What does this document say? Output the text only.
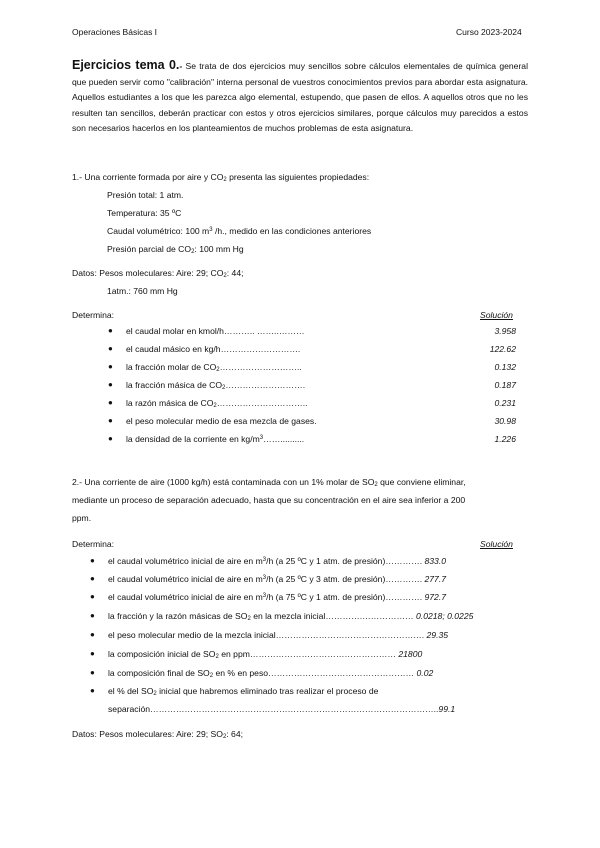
Operaciones Básicas I	Curso 2023-2024
Ejercicios tema 0.- Se trata de dos ejercicios muy sencillos sobre cálculos elementales de química general que pueden servir como "calibración" interna personal de vuestros conocimientos previos para abordar esta asignatura. Aquellos estudiantes a los que les parezca algo elemental, estupendo, que pasen de ellos. A aquellos otros que no les resulten tan sencillos, deberán practicar con estos y otros ejercicios similares, porque cálculos muy parecidos a estos son necesarios hacerlos en los planteamientos de muchos problemas de esta asignatura.
1.- Una corriente formada por aire y $CO_2$ presenta las siguientes propiedades:
Presión total: 1 atm.
Temperatura: 35 ºC
Caudal volumétrico: 100 $m^3$ /h., medido en las condiciones anteriores
Presión parcial de $CO_2$: 100 mm Hg
Datos: Pesos moleculares: Aire: 29; $CO_2$: 44;
1atm.: 760 mm Hg
Determina:	Solución
● el caudal molar en kmol/h……….. ……..………	3.958
● el caudal másico en kg/h……………………….	122.62
● la fracción molar de $CO_2\dots\dots\dots\dots\dots\dots\dots\dots\dots$..	0.132
● la fracción másica de $CO_2\dots\dots\dots\dots\dots\dots\dots\dots\dots$.	0.187
● la razón másica de $CO_2\dots\dots\dots\dots\dots\dots\dots\dots\dots\dots$..	0.231
● el peso molecular medio de esa mezcla de gases.	30.98
● la densidad de la corriente en $kg/m^3\dots\dots$..........	1.226
2.- Una corriente de aire (1000 kg/h) está contaminada con un 1% molar de $SO_2$ que conviene eliminar,
mediante un proceso de separación adecuado, hasta que su concentración en el aire sea inferior a 200
ppm.
Determina:	Solución
● el caudal volumétrico inicial de aire en $m^3/h$ (a 25 ºC y 1 atm. de presión)…………. 833.0
● el caudal volumétrico inicial de aire en $m^3/h$ (a 25 ºC y 3 atm. de presión)…………. 277.7
● el caudal volumétrico inicial de aire en $m^3/h$ (a 75 ºC y 1 atm. de presión)…………. 972.7
● la fracción y la razón másicas de $SO_2$ en la mezcla inicial………….……………… 0.0218; 0.0225
● el peso molecular medio de la mezcla inicial……………………………………………. 29.35
● la composición inicial de $SO_2$ en ppm…………………………………………… 21800
● la composición final de $SO_2$ en % en peso…………………………………………… 0.02
● el % del $SO_2$ inicial que habremos eliminado tras realizar el proceso de
separación………………………………………………………………………………………..99.1
Datos: Pesos moleculares: Aire: 29; $SO_2$: 64;
